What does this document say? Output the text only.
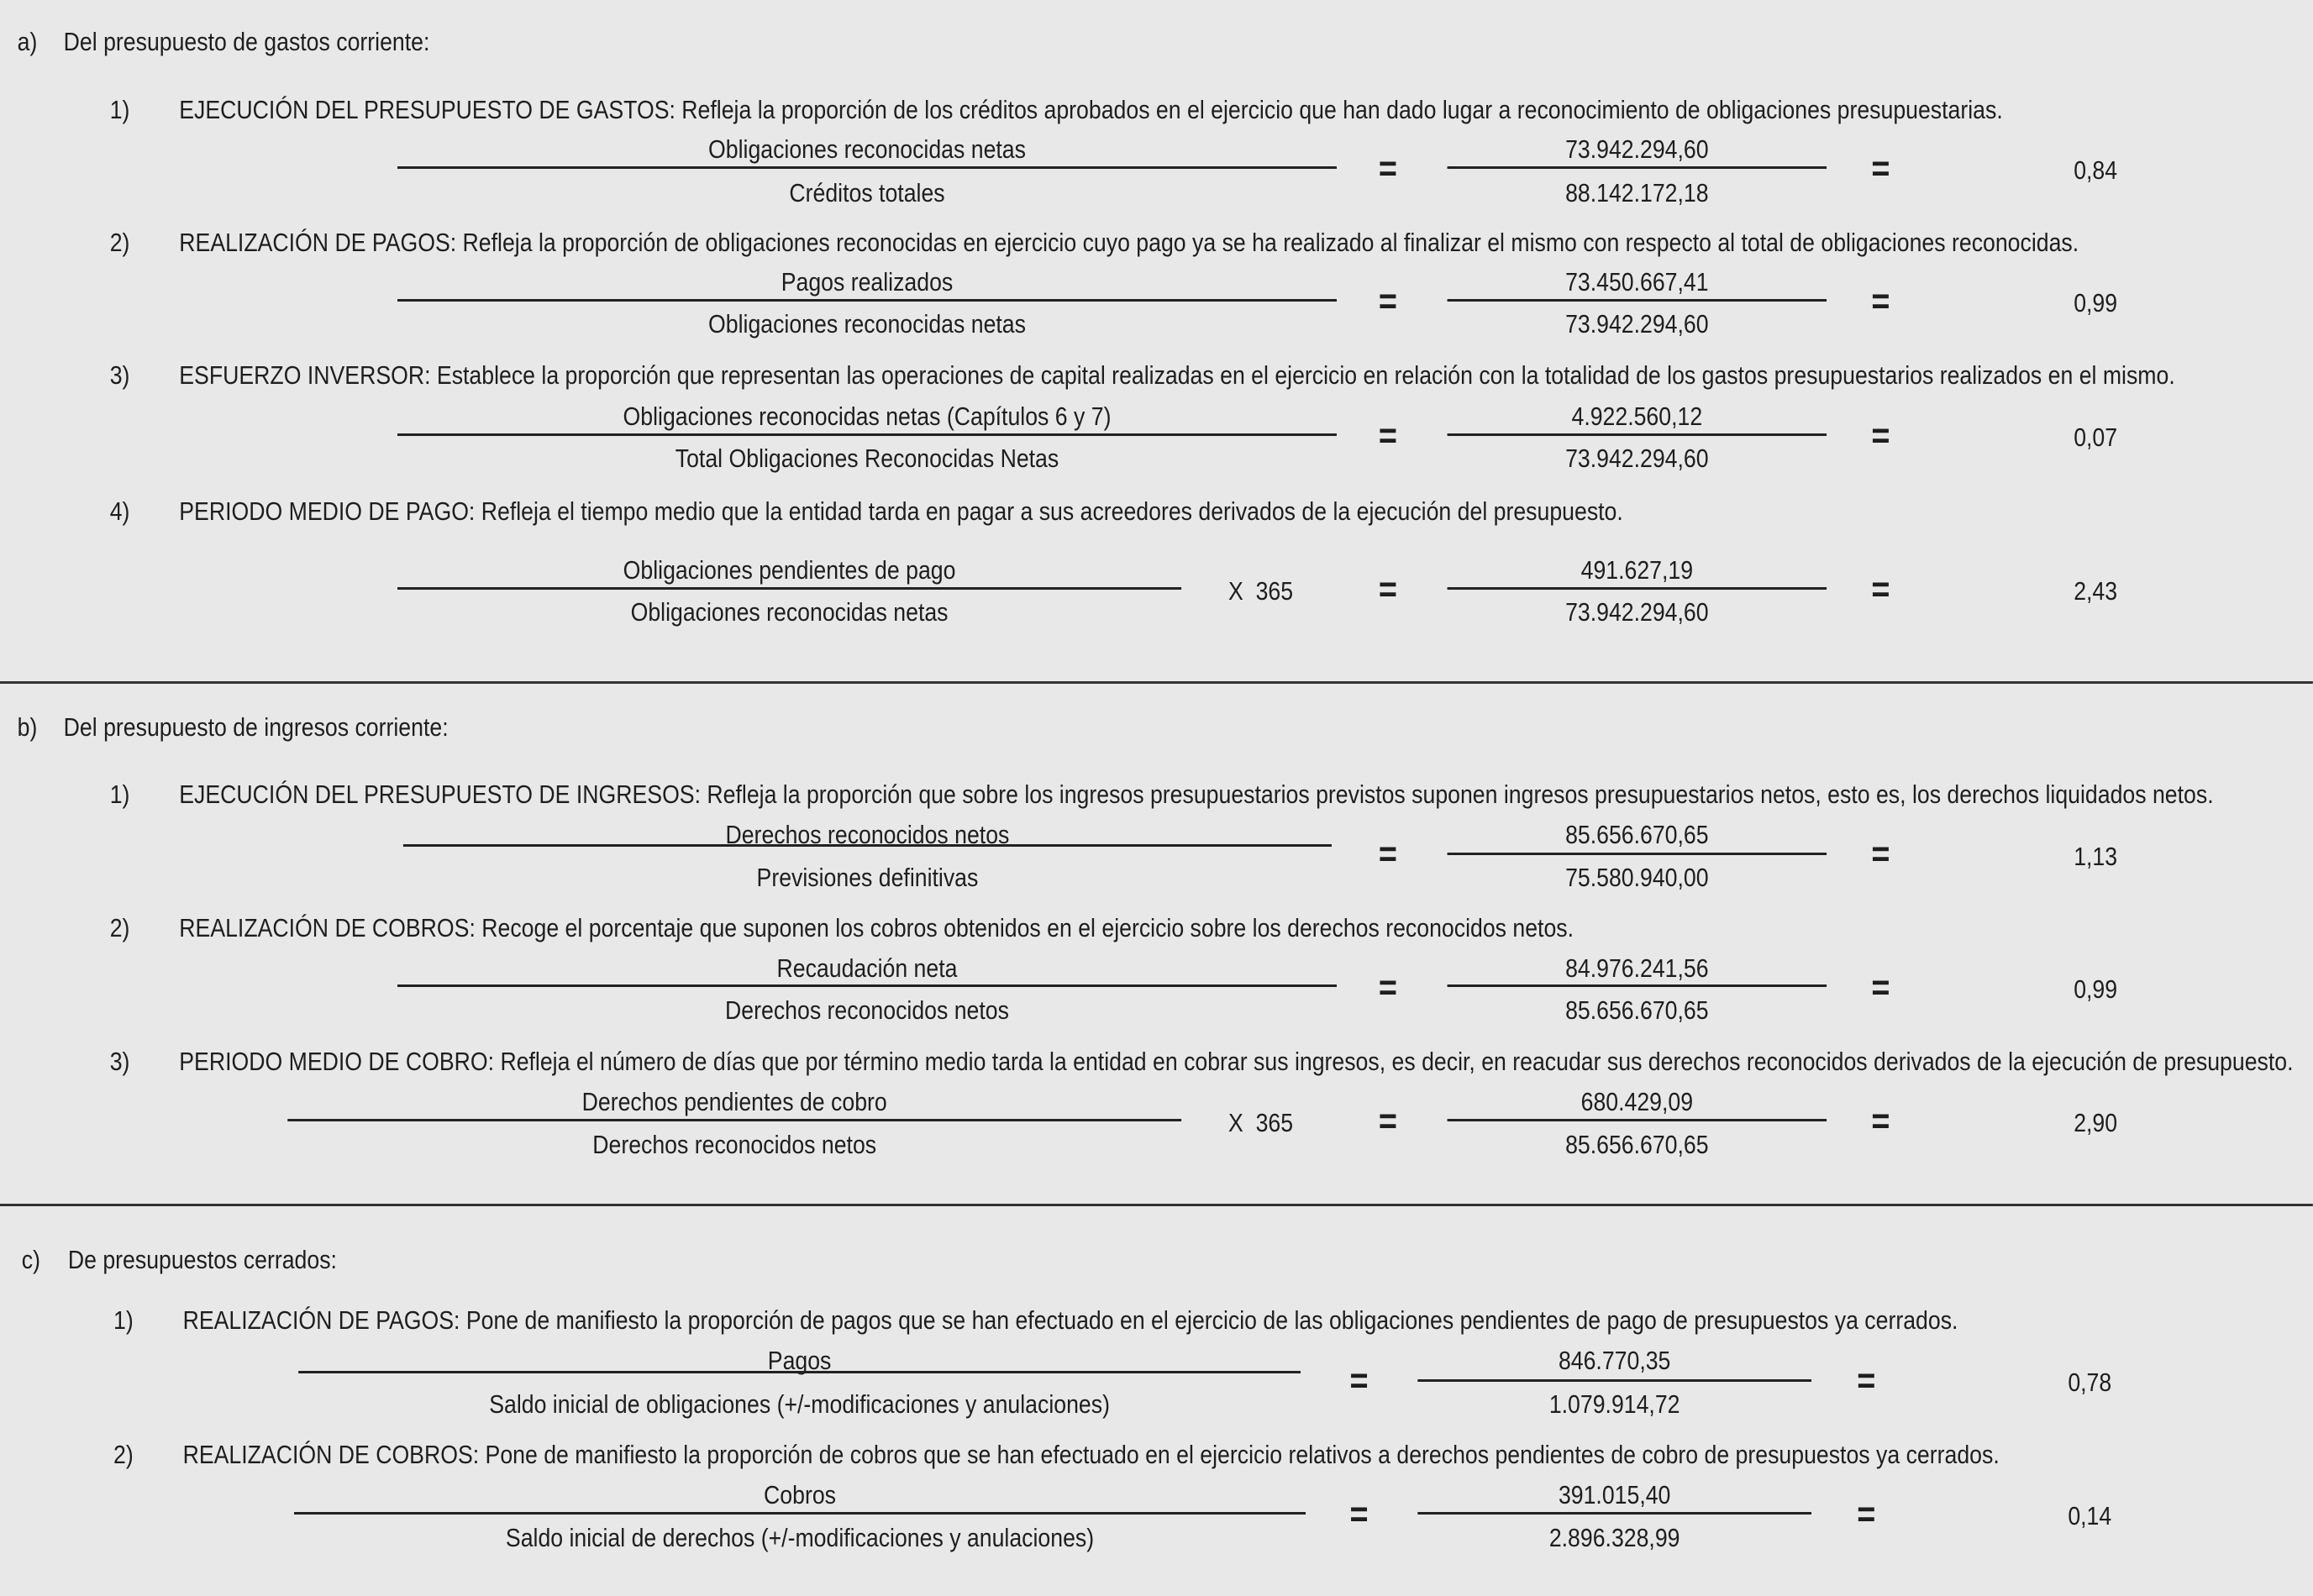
a) Del presupuesto de gastos corriente:
1) EJECUCIÓN DEL PRESUPUESTO DE GASTOS: Refleja la proporción de los créditos aprobados en el ejercicio que han dado lugar a reconocimiento de obligaciones presupuestarias.
Obligaciones reconocidas netas
Créditos totales
=	73.942.294,60
88.142.172,18
=	0,84
2) REALIZACIÓN DE PAGOS: Refleja la proporción de obligaciones reconocidas en ejercicio cuyo pago ya se ha realizado al finalizar el mismo con respecto al total de obligaciones reconocidas.
Pagos realizados
Obligaciones reconocidas netas
=	73.450.667,41
73.942.294,60
=	0,99
3) ESFUERZO INVERSOR: Establece la proporción que representan las operaciones de capital realizadas en el ejercicio en relación con la totalidad de los gastos presupuestarios realizados en el mismo.
Obligaciones reconocidas netas (Capítulos 6 y 7)
Total Obligaciones Reconocidas Netas
=	4.922.560,12
73.942.294,60
=	0,07
4) PERIODO MEDIO DE PAGO: Refleja el tiempo medio que la entidad tarda en pagar a sus acreedores derivados de la ejecución del presupuesto.
Obligaciones pendientes de pago
Obligaciones reconocidas netas
X  365 =	491.627,19
73.942.294,60
=	2,43
b) Del presupuesto de ingresos corriente:
1) EJECUCIÓN DEL PRESUPUESTO DE INGRESOS: Refleja la proporción que sobre los ingresos presupuestarios previstos suponen ingresos presupuestarios netos, esto es, los derechos liquidados netos.
Derechos reconocidos netos
Previsiones definitivas
=	85.656.670,65
75.580.940,00
=	1,13
2) REALIZACIÓN DE COBROS: Recoge el porcentaje que suponen los cobros obtenidos en el ejercicio sobre los derechos reconocidos netos.
Recaudación neta
Derechos reconocidos netos
=	84.976.241,56
85.656.670,65
=	0,99
3) PERIODO MEDIO DE COBRO: Refleja el número de días que por término medio tarda la entidad en cobrar sus ingresos, es decir, en reacudar sus derechos reconocidos derivados de la ejecución de presupuesto.
Derechos pendientes de cobro
Derechos reconocidos netos
X  365 =	680.429,09
85.656.670,65
=	2,90
c) De presupuestos cerrados:
1) REALIZACIÓN DE PAGOS: Pone de manifiesto la proporción de pagos que se han efectuado en el ejercicio de las obligaciones pendientes de pago de presupuestos ya cerrados.
Pagos
Saldo inicial de obligaciones (+/-modificaciones y anulaciones)
=	846.770,35
1.079.914,72
=	0,78
2) REALIZACIÓN DE COBROS: Pone de manifiesto la proporción de cobros que se han efectuado en el ejercicio relativos a derechos pendientes de cobro de presupuestos ya cerrados.
Cobros
Saldo inicial de derechos (+/-modificaciones y anulaciones)
=	391.015,40
2.896.328,99
=	0,14
